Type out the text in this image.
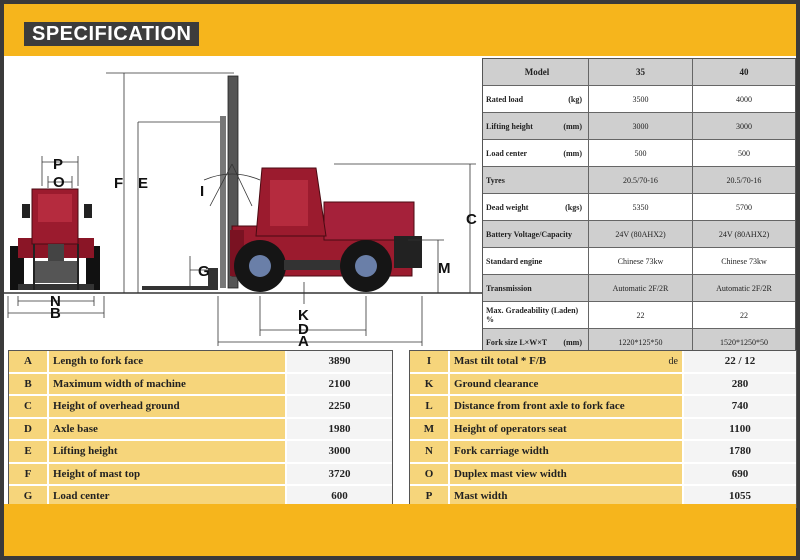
SPECIFICATION
P
O
N
B
F E	I
G
C
M
K
D
A
Model	35	40
Rated load	(kg)	3500	4000
Lifting height	(mm)	3000	3000
Load center	(mm)	500	500
Tyres	20.5/70-16	20.5/70-16
Dead weight	(kgs)	5350	5700
Battery Voltage/Capacity	24V (80AHX2)	24V (80AHX2)
Standard engine	Chinese 73kw	Chinese 73kw
Transmission	Automatic 2F/2R	Automatic 2F/2R
Max. Gradeability (Laden) %	22	22
Fork size L×W×T (mm)	1220*125*50	1520*1250*50
A	Length to fork face	3890
B	Maximum width of machine	2100
C	Height of overhead ground	2250
D	Axle base	1980
E	Lifting height	3000
F	Height of mast top	3720
G	Load center	600
I	Mast tilt total * F/B	de	22 / 12
K	Ground clearance	280
L	Distance from front axle to fork face	740
M	Height of operators seat	1100
N	Fork carriage width	1780
O	Duplex mast view width	690
P	Mast width	1055
